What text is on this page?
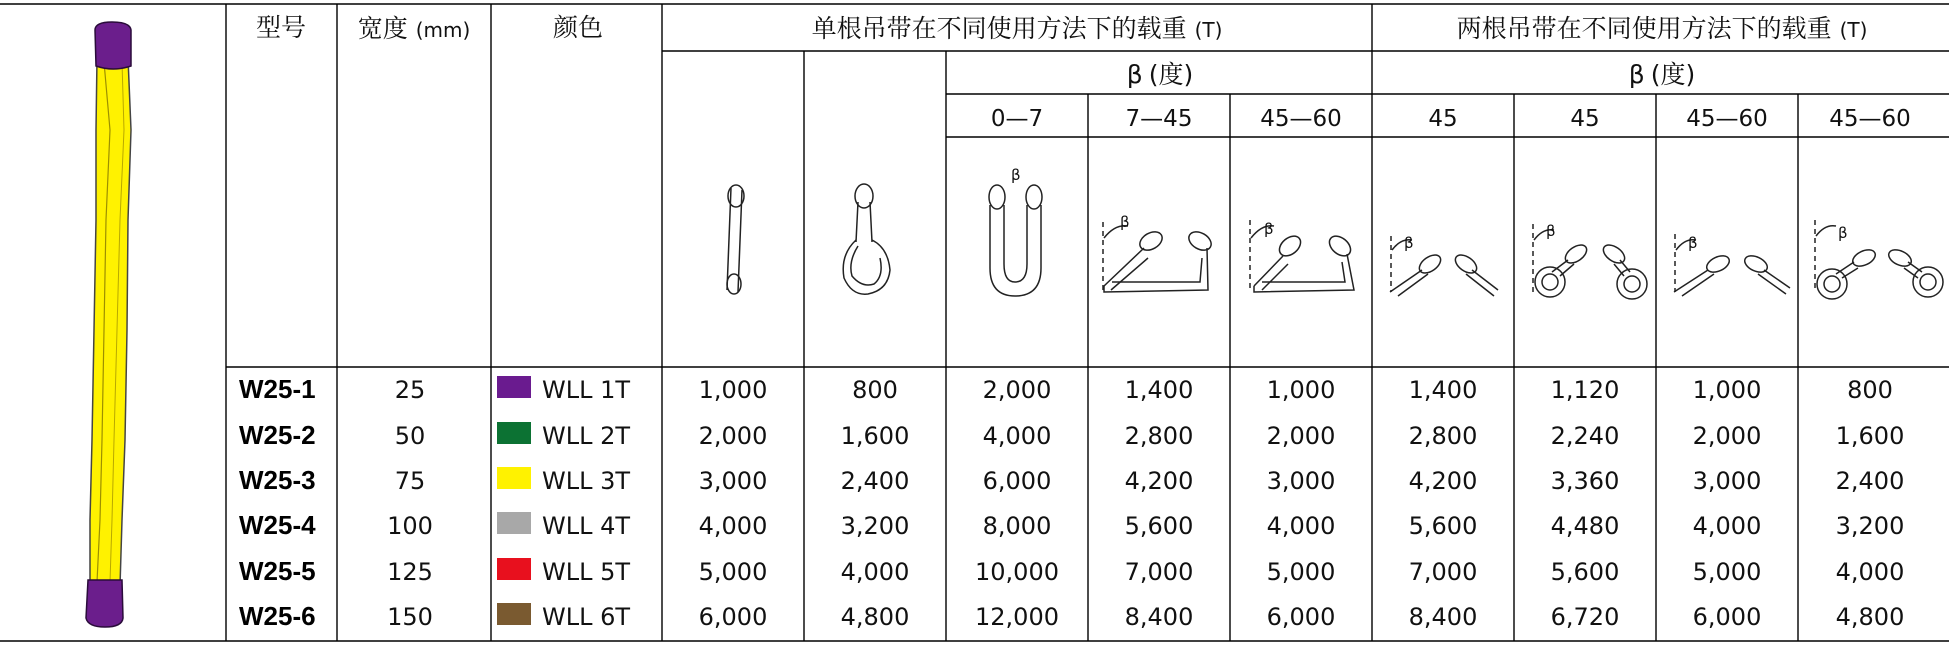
型号 宽度 (mm)	颜色	单根吊带在不同使用方法下的载重 (T)	两根吊带在不同使用方法下的载重 (T)
β (度)	β (度)
0—7	7—45	45—60	45	45	45—60	45—60
β
β	β
β
β
β
β
W25-1	25	WLL 1T	1,000	800	2,000	1,400	1,000	1,400	1,120	1,000	800
W25-2	50	WLL 2T	2,000	1,600	4,000	2,800	2,000	2,800	2,240	2,000	1,600
W25-3	75	WLL 3T	3,000	2,400	6,000	4,200	3,000	4,200	3,360	3,000	2,400
W25-4	100	WLL 4T	4,000	3,200	8,000	5,600	4,000	5,600	4,480	4,000	3,200
W25-5	125	WLL 5T	5,000	4,000	10,000	7,000	5,000	7,000	5,600	5,000	4,000
W25-6	150	WLL 6T	6,000	4,800	12,000	8,400	6,000	8,400	6,720	6,000	4,800
